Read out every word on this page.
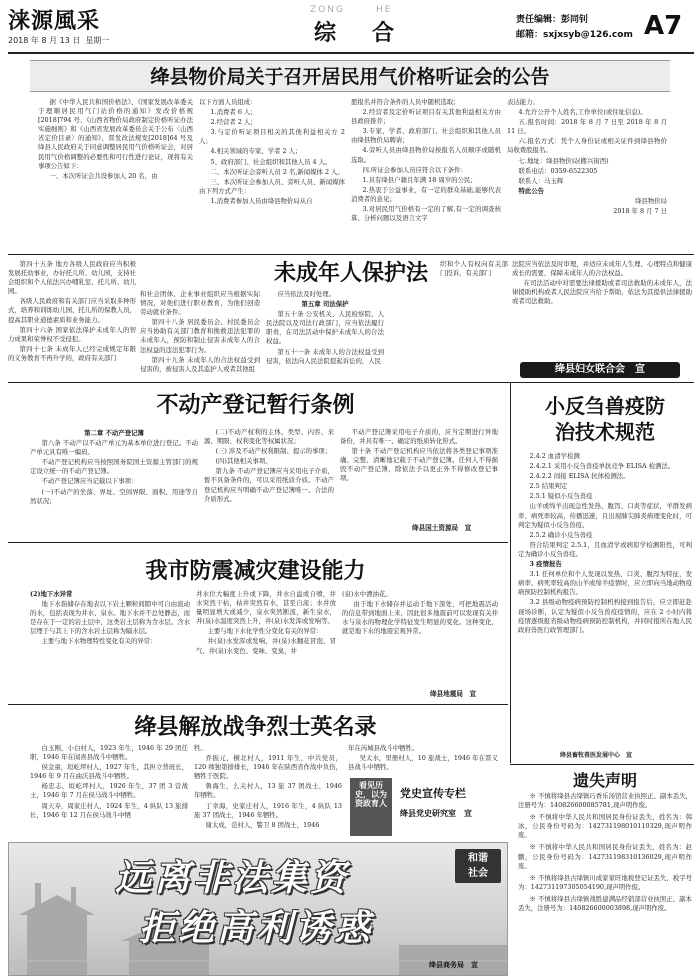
涞源風采
2018 年 8 月 13 日 星期一
ZONG	HE
综 合
责任编辑：彭同钊
邮箱：sxjxsyb@126.com A7
绛县物价局关于召开居民用气价格听证会的公告

据《中华人民共和国价格法》、《国家发展改革委关于理顺居民用气门站价格的通知》发改价格规[2018]794 号、《山西省物价局政府制定价格听证办法实施细则》和《山西省发展改革委员会关于公布〈山西省定价目录〉的通知》、晋发改法规发[2018]64 号及绛县人民政府关于同意调整居民用气价格听证会，对居民用气价格调整的必要性和可行性进行论证，现将有关事项公告如下：

一、本次听证会共设参加人 20 名，由

以下方面人员组成：

1.消费者 6 人；

2.经营者 2 人；

3.与定价听证项目相关的其他利益相关方 2 人；

4.相关领域的专家、学者 2 人；

5、政府部门、社会组织和其他人员 4 人。

二、本次听证会旁听人员 2 名,新闻媒体 2 人。

三、本次听证会参加人员、旁听人员、新闻媒体由下列方式产生：

1.消费者参加人员由绛县物价局从自

愿报名并符合条件的人员中随机选取；

2.经营者及定价听证项目有关其他利益相关方由县政府推荐；

3.专家、学者、政府部门、社会组织和其他人员由绛县物价局聘请；

4.旁听人员由绛县物价局按报名人员顺序或随机选取。

四.听证会参加人员应符合以下条件：

1.具有绛县户籍且年满 18 周岁的公民；

2.热衷于公益事业，有一定的群众基础,能够代表消费者的意见；

3.对居民用气价格有一定的了解,有一定的调查核算、分析问题以及语言文字

表达能力；

4.允许公开个人姓名,工作单位(或住址信息)。

五.报名时间：2018 年 8 月 7 日至 2018 年 8 月 11 日。

六.报名方式：凭个人身份证或相关证件到绛县物价局收费股报名。

七.地址：绛县物价局(搬兴街西)

联系电话：0359-6522305

联系人：马玉辉

特此公告

绛县物价局

2018 年 8 月 7 日

未成年人保护法

第四十五条 地方各级人民政府应当积极发展托幼事业，办好托儿所、幼儿园，支持社会组织和个人依法兴办哺乳室、托儿所、幼儿园。

各级人民政府和有关部门应当采取多种形式，培养和训练幼儿园、托儿所的保教人员，提高其职业道德素质和业务能力。

第四十六条 国家依法保护未成年人的智力成果和荣誉权不受侵犯。

第四十七条 未成年人已经完成规定年限的义务教育不再升学的，政府有关部门

和社会团体、企业事业组织应当根据实际情况，对他们进行职业教育，为他们创造劳动就业条件。

第四十八条 居民委员会、村民委员会应当协助有关部门教育和挽救违法犯罪的未成年人，预防和制止侵害未成年人的合法权益的违法犯罪行为。

第四十九条 未成年人的合法权益受到侵害的，被侵害人及其监护人或者其他组

应当依法及时处理。

第五章 司法保护

第五十条 公安机关、人民检察院、人民法院以及司法行政部门，应当依法履行职责，在司法活动中保护未成年人的合法权益。

第五十一条 未成年人的合法权益受到侵害，依法向人民法院提起诉讼的，人民

织和个人有权向有关部门投诉，有关部门

法院应当依法及时审理，并适应未成年人生理、心理特点和健康成长的需要，保障未成年人的合法权益。

在司法活动中对需要法律援助或者司法救助的未成年人，法律援助机构或者人民法院应当给予帮助，依法为其提供法律援助或者司法救助。

绛县妇女联合会　宣
不动产登记暂行条例

第二章 不动产登记簿

第八条 不动产以不动产单元为基本单位进行登记。不动产单元具有唯一编码。

不动产登记机构应当按照国务院国土资源主管部门的规定设立统一的不动产登记簿。

不动产登记簿应当记载以下事项：

(一)不动产的坐落、界址、空间界限、面积、用途等自然状况；

(二)不动产权利的主体、类型、内容、来源、期限、权利变化等权属状况；

(三) 涉及不动产权利限制、提示的事项；

(四)其他相关事项。

第九条 不动产登记簿应当采用电子介质，暂不具备条件的，可以采用纸质介质。不动产登记机构应当明确不动产登记簿唯一、合法的介质形式。

不动产登记簿采用电子介质的，应当定期进行异地备份，并具有唯一、确定的纸质转化形式。

第十条 不动产登记机构应当依法将各类登记事项准确、完整、清晰地记载于不动产登记簿。任何人不得损毁不动产登记簿，除依法予以更正外不得修改登记事项。

绛县国土资源局　宣
我市防震减灾建设能力

(2)地下水异常

地下水指储存在地表以下岩土颗粒间隙中可自由流动的水，包括表现为井水、泉水。地下水并不总处静态，而是存在于一定的岩土层中，这类岩土层称为含水层。含水层埋于与其上下的含水岩土层称为隔水层。

主要与地下水物理特性变化有关的异常：

井水位大幅度上升或下降，井水自溢或自喷，井水突然干枯，枯井突然有水，甚至自流；水井放量明显增大或减少，泉水突然断流，新生泉水，井(泉)水温度突然上升，井(泉)水发浑或发响等。

主要与地下水化学性分变化有关的异常：

井(泉)水发浑或发响，井(泉)水翻花冒泡、冒气、井(泉)水变色、变味、变臭，井

(泉)水中漂油花。

由于地下水储存并运动于地下深处，可把地震活动的信息带到地面上来，因此很多地震前可以发现有关井水与泉水的物理化学特征发生明显的变化。这种变化，就是地下水的地震宏观异常。

绛县地震局　宣
小反刍兽疫防
治技术规范

2.4.2 血清学检测

2.4.2.1 采用小反刍兽疫单抗竞争 ELISA 检测法。

2.4.2.2 间接 ELISA 抗体检测法。

2.5 结果判定

2.5.1 疑似小反刍兽疫

山羊或绵羊出现急性发热、腹泻、口炎等症状，羊群发病率、病死率较高，传播迅速，且出现肺尖肺炎病理变化时，可判定为疑似小反刍兽疫。

2.5.2 确诊小反刍兽疫

符合结果判定 2.5.1，且血清学或病原学检测阳性，可判定为确诊小反刍兽疫。

3 疫情报告

3.1 任何单位和个人发现以发热、口炎、腹泻为特征，发病率、病死率较高的山羊或绵羊疫情时，应立即向当地动物疫病预防控制机构报告。

3.2 县级动物疫病预防控制机构接到报告后，应立即赶赴现场诊断，认定为疑似小反刍兽疫疫情的，应在 2 小时内将疫情逐级报省级动物疫病预防控制机构，并同时报所在地人民政府兽医行政管理部门。

绛县畜牧兽医发展中心　宣
绛县解放战争烈士英名录

白玉刚，小白村人，1923 年生，1946 年 29 团任职，1946 年在闻喜县战斗中牺牲。

侯金童，垣屹坪村人，1927 年生，其担立普班长，1946 年 9 月在曲沃县战斗中牺牲。

杨忠志，垣屹坪村人，1926 年生，37 团 3 营战士，1946 年 7 月在侯马战斗中牺牲。

周天寿，周家庄村人，1924 年生，4 纵队 13 旅排长，1946 年 12 月在侯马战斗中牺

牲。

乔振元，横北村人，1911 年生，中共党员，120 师独第排排长，1946 年在陕西省作战中负伤，牺牲于医院。

鲁海生，么关村人，13 旅 37 团战士，1946 年牺牲。

丁幸海，史家庄村人，1916 年生，4 纵队 13 旅 37 团战士，1946 年牺牲。

谢太成，范村人，警卫 8 团战士，1946

年在芮城县战斗中牺牲。

吴太水，里册村人，10 旅战士，1946 年在晋义县战斗中牺牲。

看见历史，以为资政育人
党史宣传专栏
绛县党史研究室　宣
遗失声明

※ 不慎将绛县古绛镇巧香乐汤馆营业执照正、副本丢失，注册号为：140826600085781,现声明作废。

※ 不慎将中华人民共和国居民身份证丢失，姓名为：韩冰，公民身份号码为：142731198010110329,现声明作废。

※ 不慎将中华人民共和国居民身份证丢失，姓名为：赵鹏，公民身份号码为：142731198310136029,现声明作废。

※ 不慎将绛县古绛镇川成家家旺地税登记证丢失，税字号为：142731197305054190,现声明作废。

※ 不慎将绛县古绛镇战胜建满品经销部营业执照正、副本丢失，注册号为：140826600003898,现声明作废。

远离非法集资
拒绝高利诱惑
和谐
社会
绛县商务局　宣
